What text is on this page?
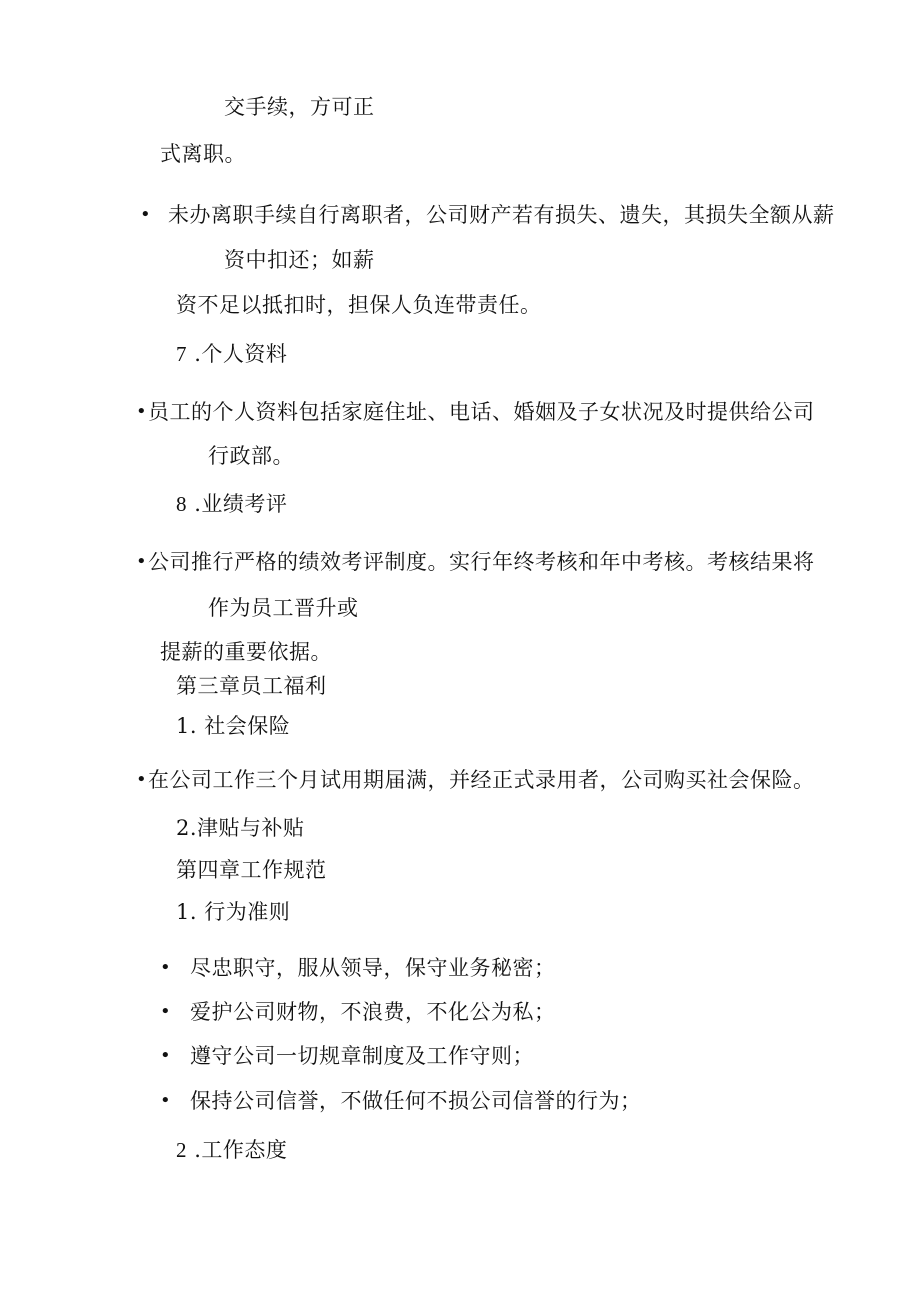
交手续，方可正
式离职。
• 未办离职手续自行离职者，公司财产若有损失、遗失，其损失全额从薪
资中扣还；如薪
资不足以抵扣时，担保人负连带责任。
7 .个人资料
• 员工的个人资料包括家庭住址、电话、婚姻及子女状况及时提供给公司
行政部。
8 .业绩考评
• 公司推行严格的绩效考评制度。实行年终考核和年中考核。考核结果将
作为员工晋升或
提薪的重要依据。
第三章员工福利
1. 社会保险
• 在公司工作三个月试用期届满，并经正式录用者，公司购买社会保险。
2.津贴与补贴
第四章工作规范
1. 行为准则
• 尽忠职守，服从领导，保守业务秘密；
• 爱护公司财物，不浪费，不化公为私；
• 遵守公司一切规章制度及工作守则；
• 保持公司信誉，不做任何不损公司信誉的行为；
2 .工作态度
